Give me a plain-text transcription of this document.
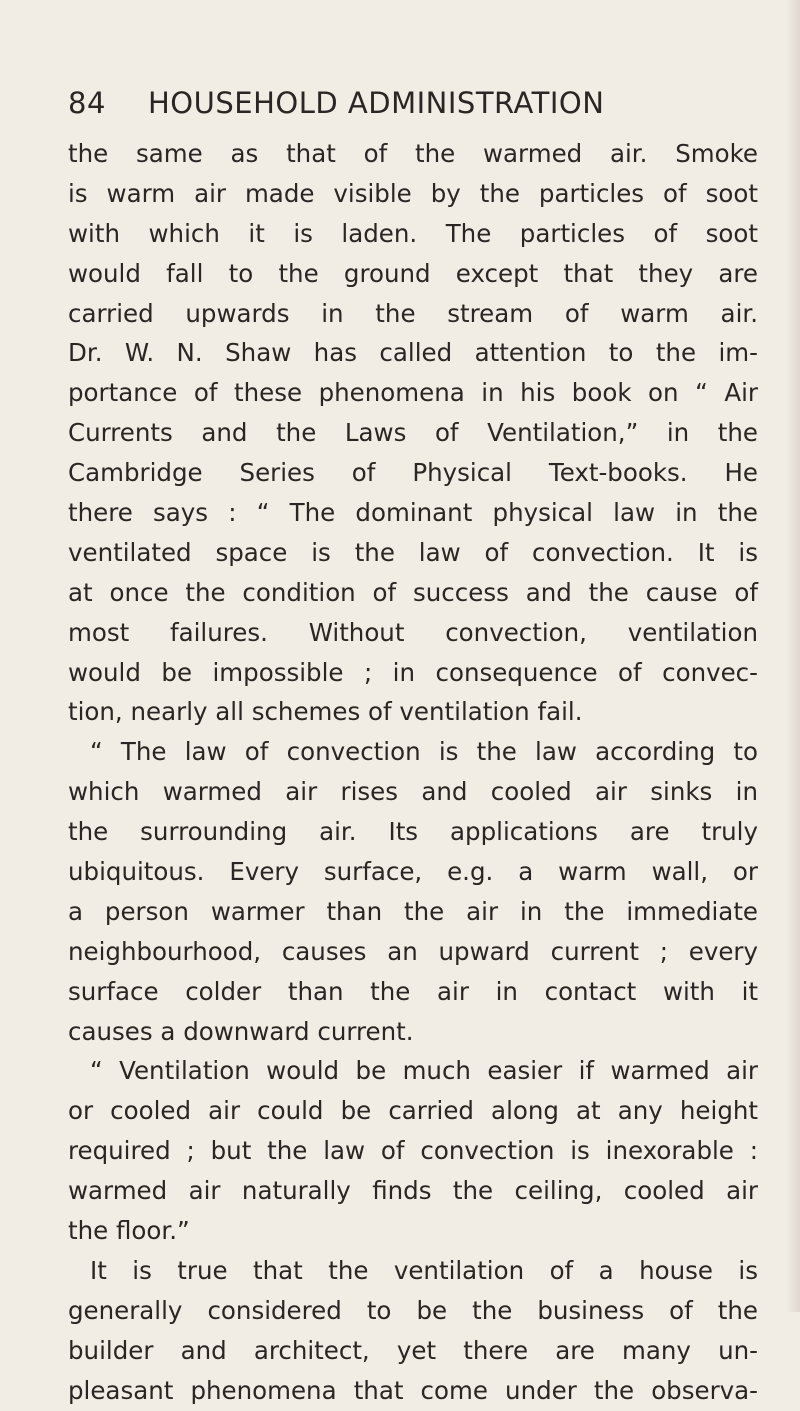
84 HOUSEHOLD ADMINISTRATION
the same as that of the warmed air. Smoke
is warm air made visible by the particles of soot
with which it is laden. The particles of soot
would fall to the ground except that they are
carried upwards in the stream of warm air.
Dr. W. N. Shaw has called attention to the im-
portance of these phenomena in his book on “ Air
Currents and the Laws of Ventilation,” in the
Cambridge Series of Physical Text-books. He
there says : “ The dominant physical law in the
ventilated space is the law of convection. It is
at once the condition of success and the cause of
most failures. Without convection, ventilation
would be impossible ; in consequence of convec-
tion, nearly all schemes of ventilation fail.
“ The law of convection is the law according to
which warmed air rises and cooled air sinks in
the surrounding air. Its applications are truly
ubiquitous. Every surface, e.g. a warm wall, or
a person warmer than the air in the immediate
neighbourhood, causes an upward current ; every
surface colder than the air in contact with it
causes a downward current.
“ Ventilation would be much easier if warmed air
or cooled air could be carried along at any height
required ; but the law of convection is inexorable :
warmed air naturally finds the ceiling, cooled air
the floor.”
It is true that the ventilation of a house is
generally considered to be the business of the
builder and architect, yet there are many un-
pleasant phenomena that come under the observa-
